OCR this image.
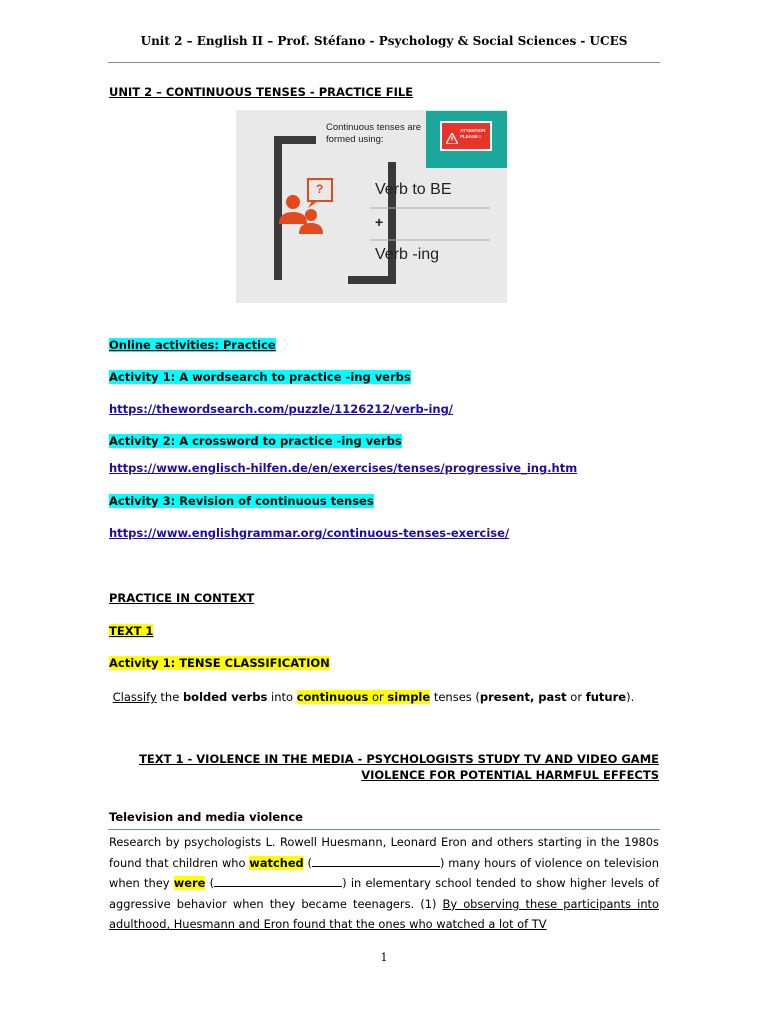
Unit 2 – English II – Prof. Stéfano - Psychology & Social Sciences - UCES
UNIT 2 – CONTINUOUS TENSES - PRACTICE FILE
Continuous tenses are
formed using:
?	Verb to BE
+
Verb -ing
ATTENTION PLEASE !
Online activities: Practice
Activity 1: A wordsearch to practice -ing verbs
https://thewordsearch.com/puzzle/1126212/verb-ing/
Activity 2: A crossword to practice -ing verbs
https://www.englisch-hilfen.de/en/exercises/tenses/progressive_ing.htm
Activity 3: Revision of continuous tenses
https://www.englishgrammar.org/continuous-tenses-exercise/
PRACTICE IN CONTEXT
TEXT 1
Activity 1: TENSE CLASSIFICATION
Classify the bolded verbs into continuous or simple tenses (present, past or future).
TEXT 1 - VIOLENCE IN THE MEDIA - PSYCHOLOGISTS STUDY TV AND VIDEO GAME
VIOLENCE FOR POTENTIAL HARMFUL EFFECTS
Television and media violence
Research by psychologists L. Rowell Huesmann, Leonard Eron and others starting in the 1980s found that children who watched (	) many hours of violence on television when they were (	) in elementary school tended to show higher levels of aggressive behavior when they became teenagers. (1) By observing these participants into adulthood, Huesmann and Eron found that the ones who watched a lot of TV
1
